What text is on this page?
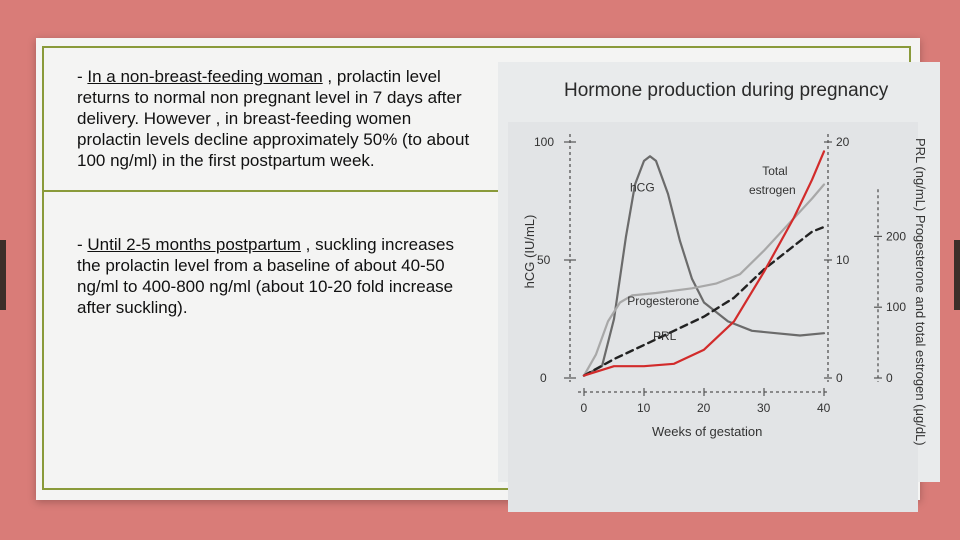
- In a non-breast-feeding woman , prolactin level returns to normal non pregnant level in 7 days after delivery. However , in breast-feeding women prolactin levels decline approximately 50% (to about 100 ng/ml) in the first postpartum week.
- Until 2-5 months postpartum , suckling increases the prolactin level from a baseline of about 40-50 ng/ml to 400-800 ng/ml (about 10-20 fold increase after suckling).
Hormone production during pregnancy
0
50
100
0
10
20
0
100
200
0	10	20	30	40
Weeks of gestation
hCG (IU/mL)	PRL (ng/mL) Progesterone and total estrogen (μg/dL)
hCG
Total
estrogen
Progesterone
PRL
